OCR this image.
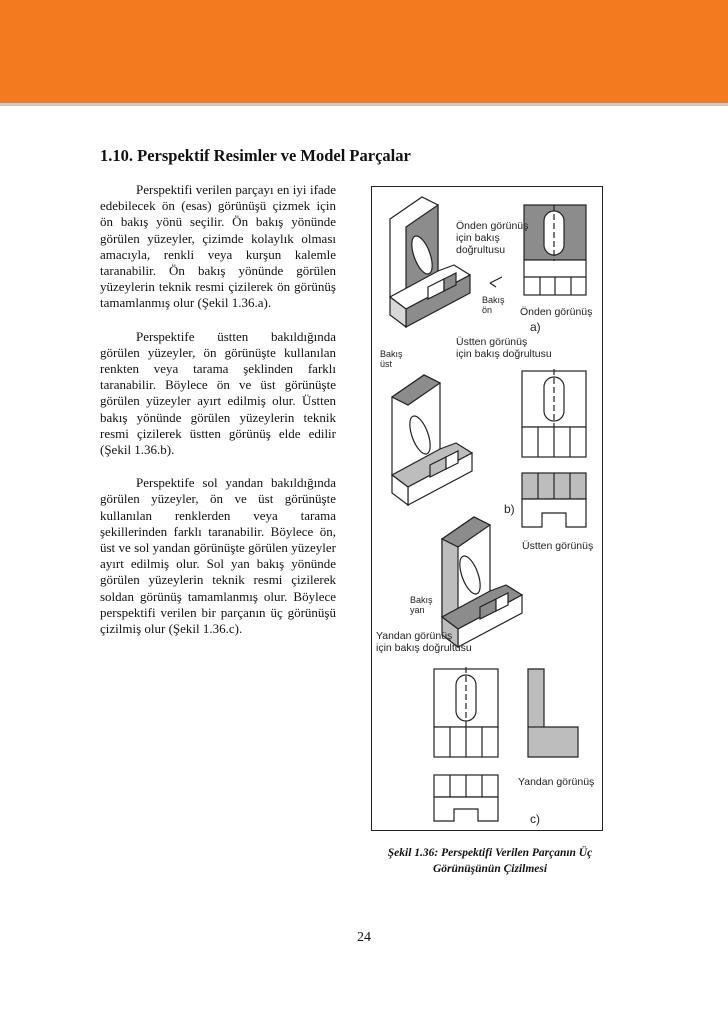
1.10. Perspektif Resimler ve Model Parçalar

Perspektifi verilen parçayı en iyi ifade edebilecek ön (esas) görünüşü çizmek için ön bakış yönü seçilir. Ön bakış yönünde görülen yüzeyler, çizimde kolaylık olması amacıyla, renkli veya kurşun kalemle taranabilir. Ön bakış yönünde görülen yüzeylerin teknik resmi çizilerek ön görünüş tamamlanmış olur (Şekil 1.36.a).

Perspektife üstten bakıldığında görülen yüzeyler, ön görünüşte kullanılan renkten veya tarama şeklinden farklı taranabilir. Böylece ön ve üst görünüşte görülen yüzeyler ayırt edilmiş olur. Üstten bakış yönünde görülen yüzeylerin teknik resmi çizilerek üstten görünüş elde edilir (Şekil 1.36.b).

Perspektife sol yandan bakıldığında görülen yüzeyler, ön ve üst görünüşte kullanılan renklerden veya tarama şekillerinden farklı taranabilir. Böylece ön, üst ve sol yandan görünüşte görülen yüzeyler ayırt edilmiş olur. Sol yan bakış yönünde görülen yüzeylerin teknik resmi çizilerek soldan görünüş tamamlanmış olur. Böylece perspektifi verilen bir parçanın üç görünüşü çizilmiş olur (Şekil 1.36.c).

Önden görünüş
için bakış
doğrultusu
Önden görünüş
Bakış
ön
a)
Bakış
üst
Üstten görünüş
için bakış doğrultusu
b)
Üstten görünüş
Bakış
yan
Yandan görünüş
için bakış doğrultusu
Yandan görünüş
c)
Şekil 1.36: Perspektifi Verilen Parçanın Üç
Görünüşünün Çizilmesi
24
